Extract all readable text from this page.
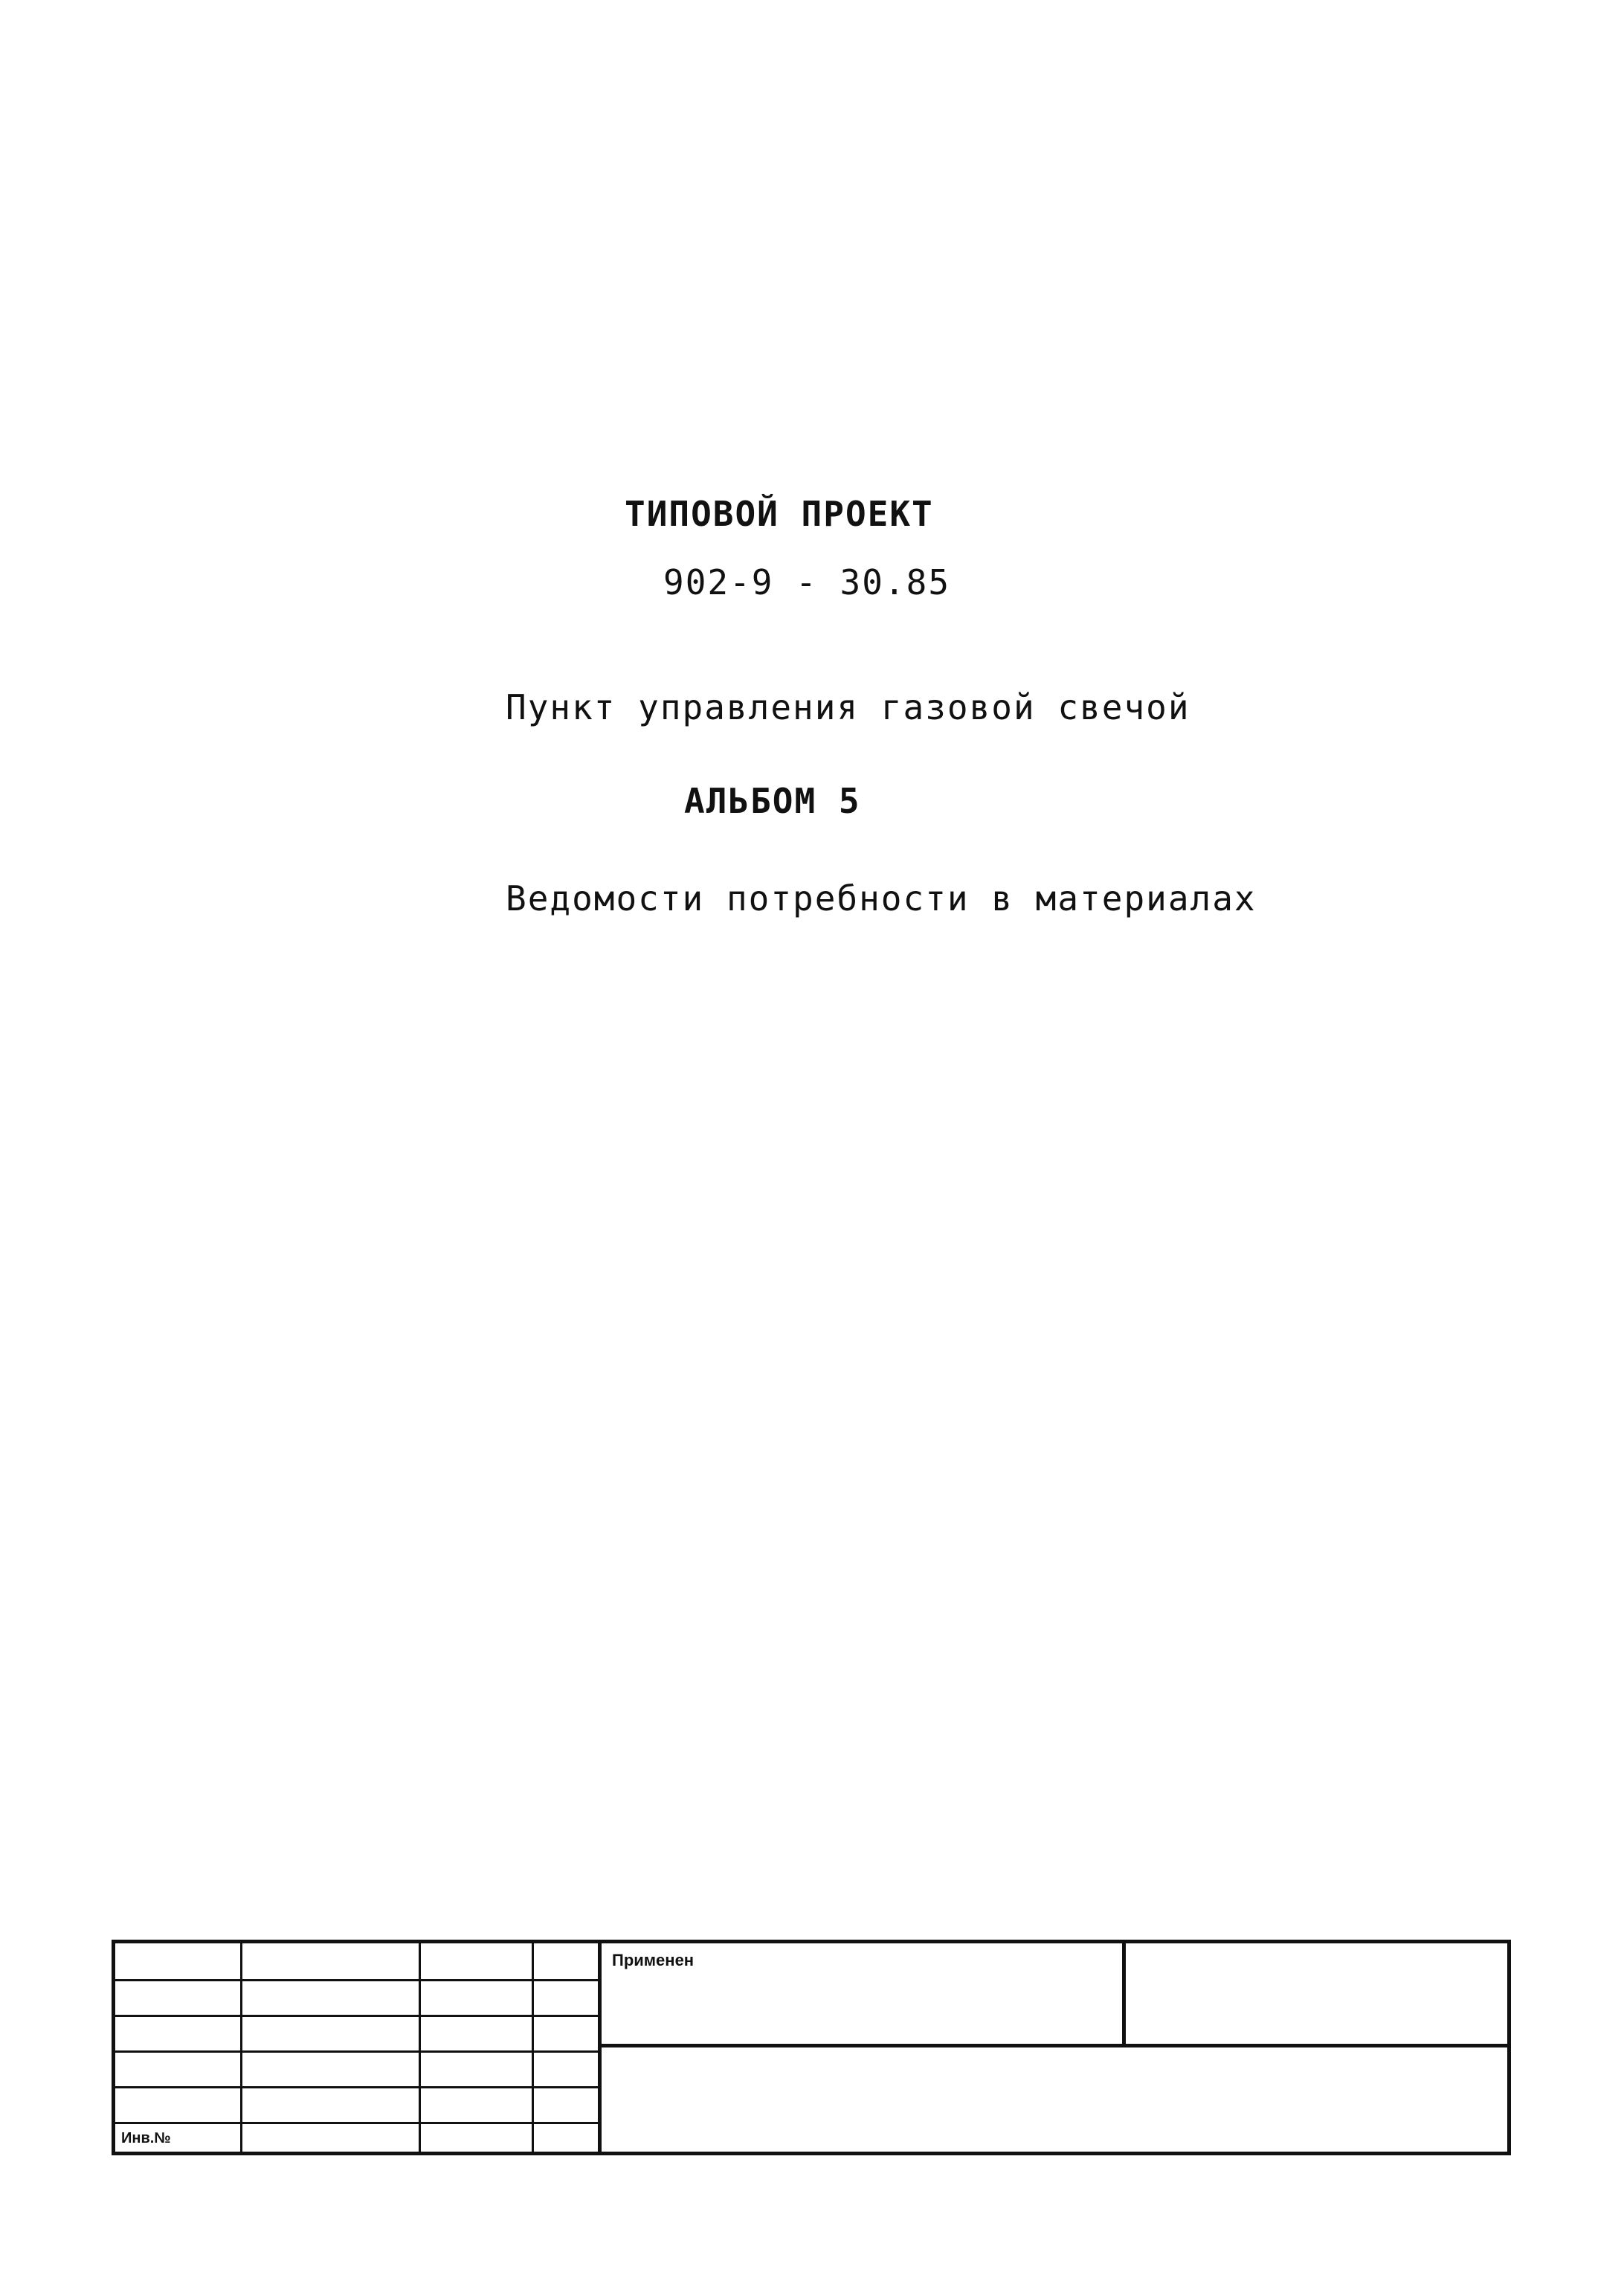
ТИПОВОЙ ПРОЕКТ
902-9 - 30.85
Пункт управления газовой свечой
АЛЬБОМ 5
Ведомости потребности в материалах
Инв.№
Применен
